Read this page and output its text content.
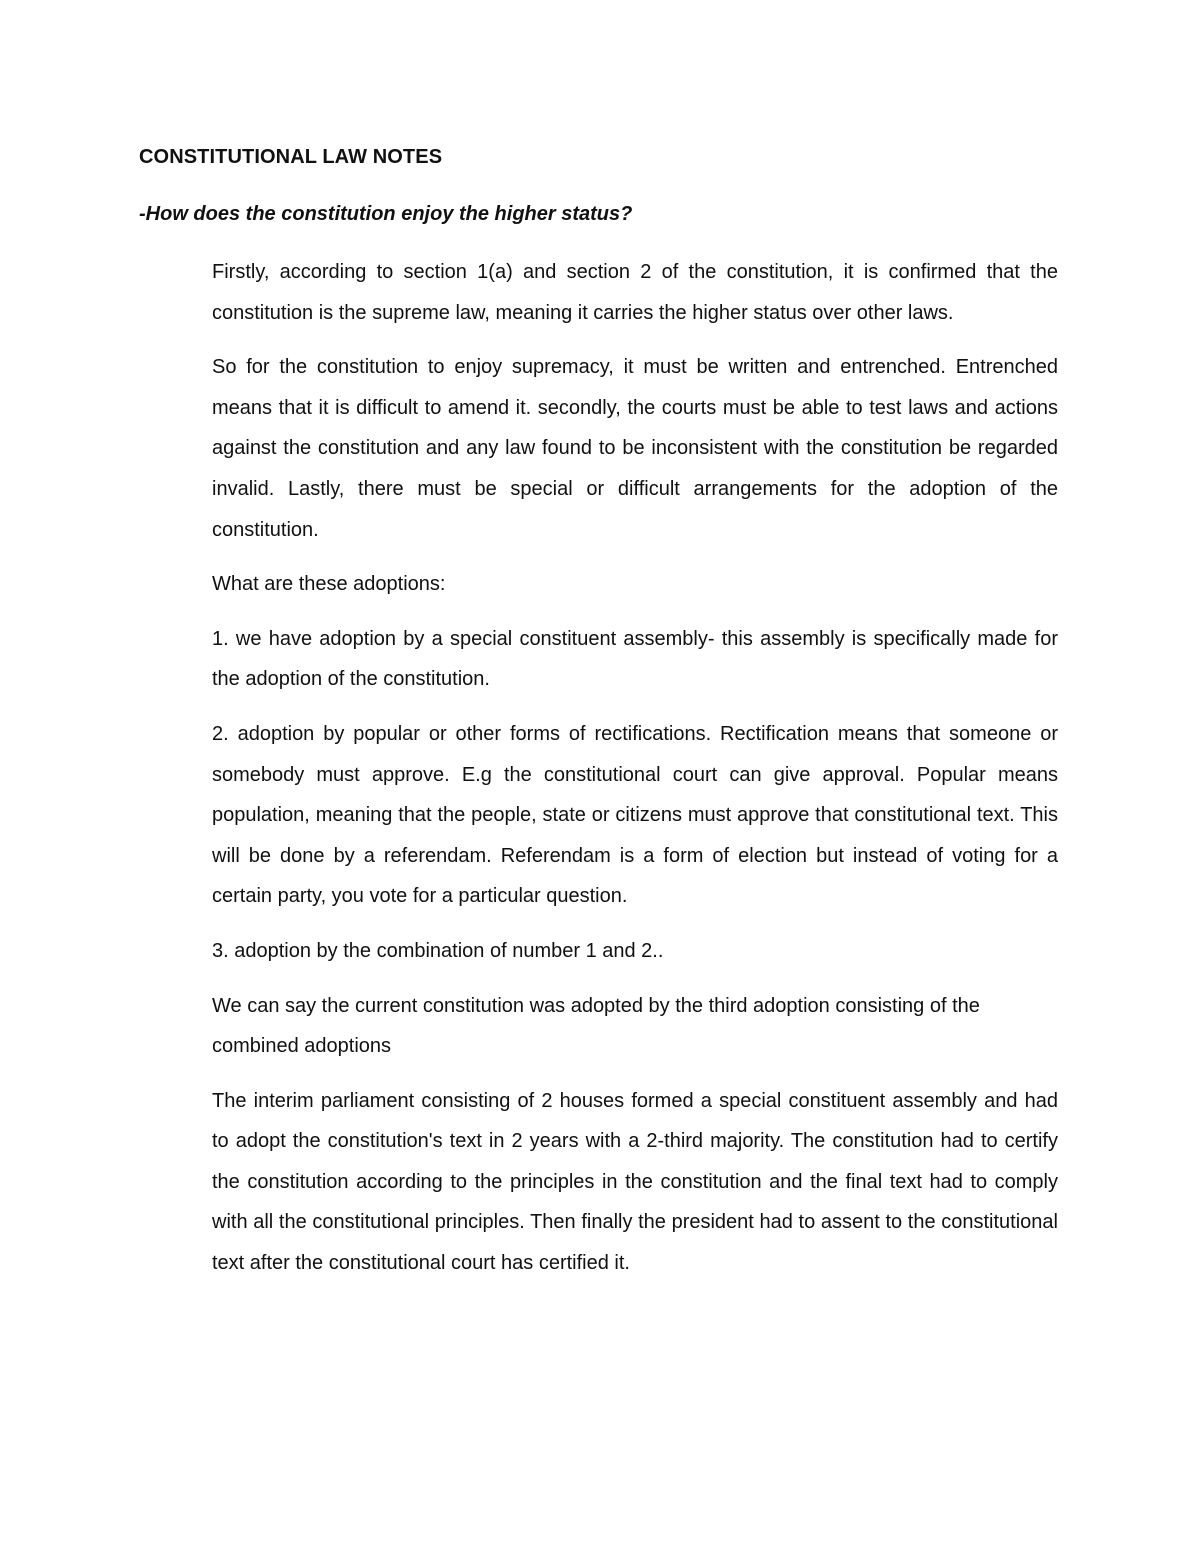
CONSTITUTIONAL LAW NOTES
-How does the constitution enjoy the higher status?

Firstly, according to section 1(a) and section 2 of the constitution, it is confirmed that the constitution is the supreme law, meaning it carries the higher status over other laws.

So for the constitution to enjoy supremacy, it must be written and entrenched. Entrenched means that it is difficult to amend it. secondly, the courts must be able to test laws and actions against the constitution and any law found to be inconsistent with the constitution be regarded invalid. Lastly, there must be special or difficult arrangements for the adoption of the constitution.

What are these adoptions:

1. we have adoption by a special constituent assembly- this assembly is specifically made for the adoption of the constitution.

2. adoption by popular or other forms of rectifications. Rectification means that someone or somebody must approve. E.g the constitutional court can give approval. Popular means population, meaning that the people, state or citizens must approve that constitutional text. This will be done by a referendam. Referendam is a form of election but instead of voting for a certain party, you vote for a particular question.

3. adoption by the combination of number 1 and 2..

We can say the current constitution was adopted by the third adoption consisting of the combined adoptions

The interim parliament consisting of 2 houses formed a special constituent assembly and had to adopt the constitution's text in 2 years with a 2-third majority. The constitution had to certify the constitution according to the principles in the constitution and the final text had to comply with all the constitutional principles. Then finally the president had to assent to the constitutional text after the constitutional court has certified it.
